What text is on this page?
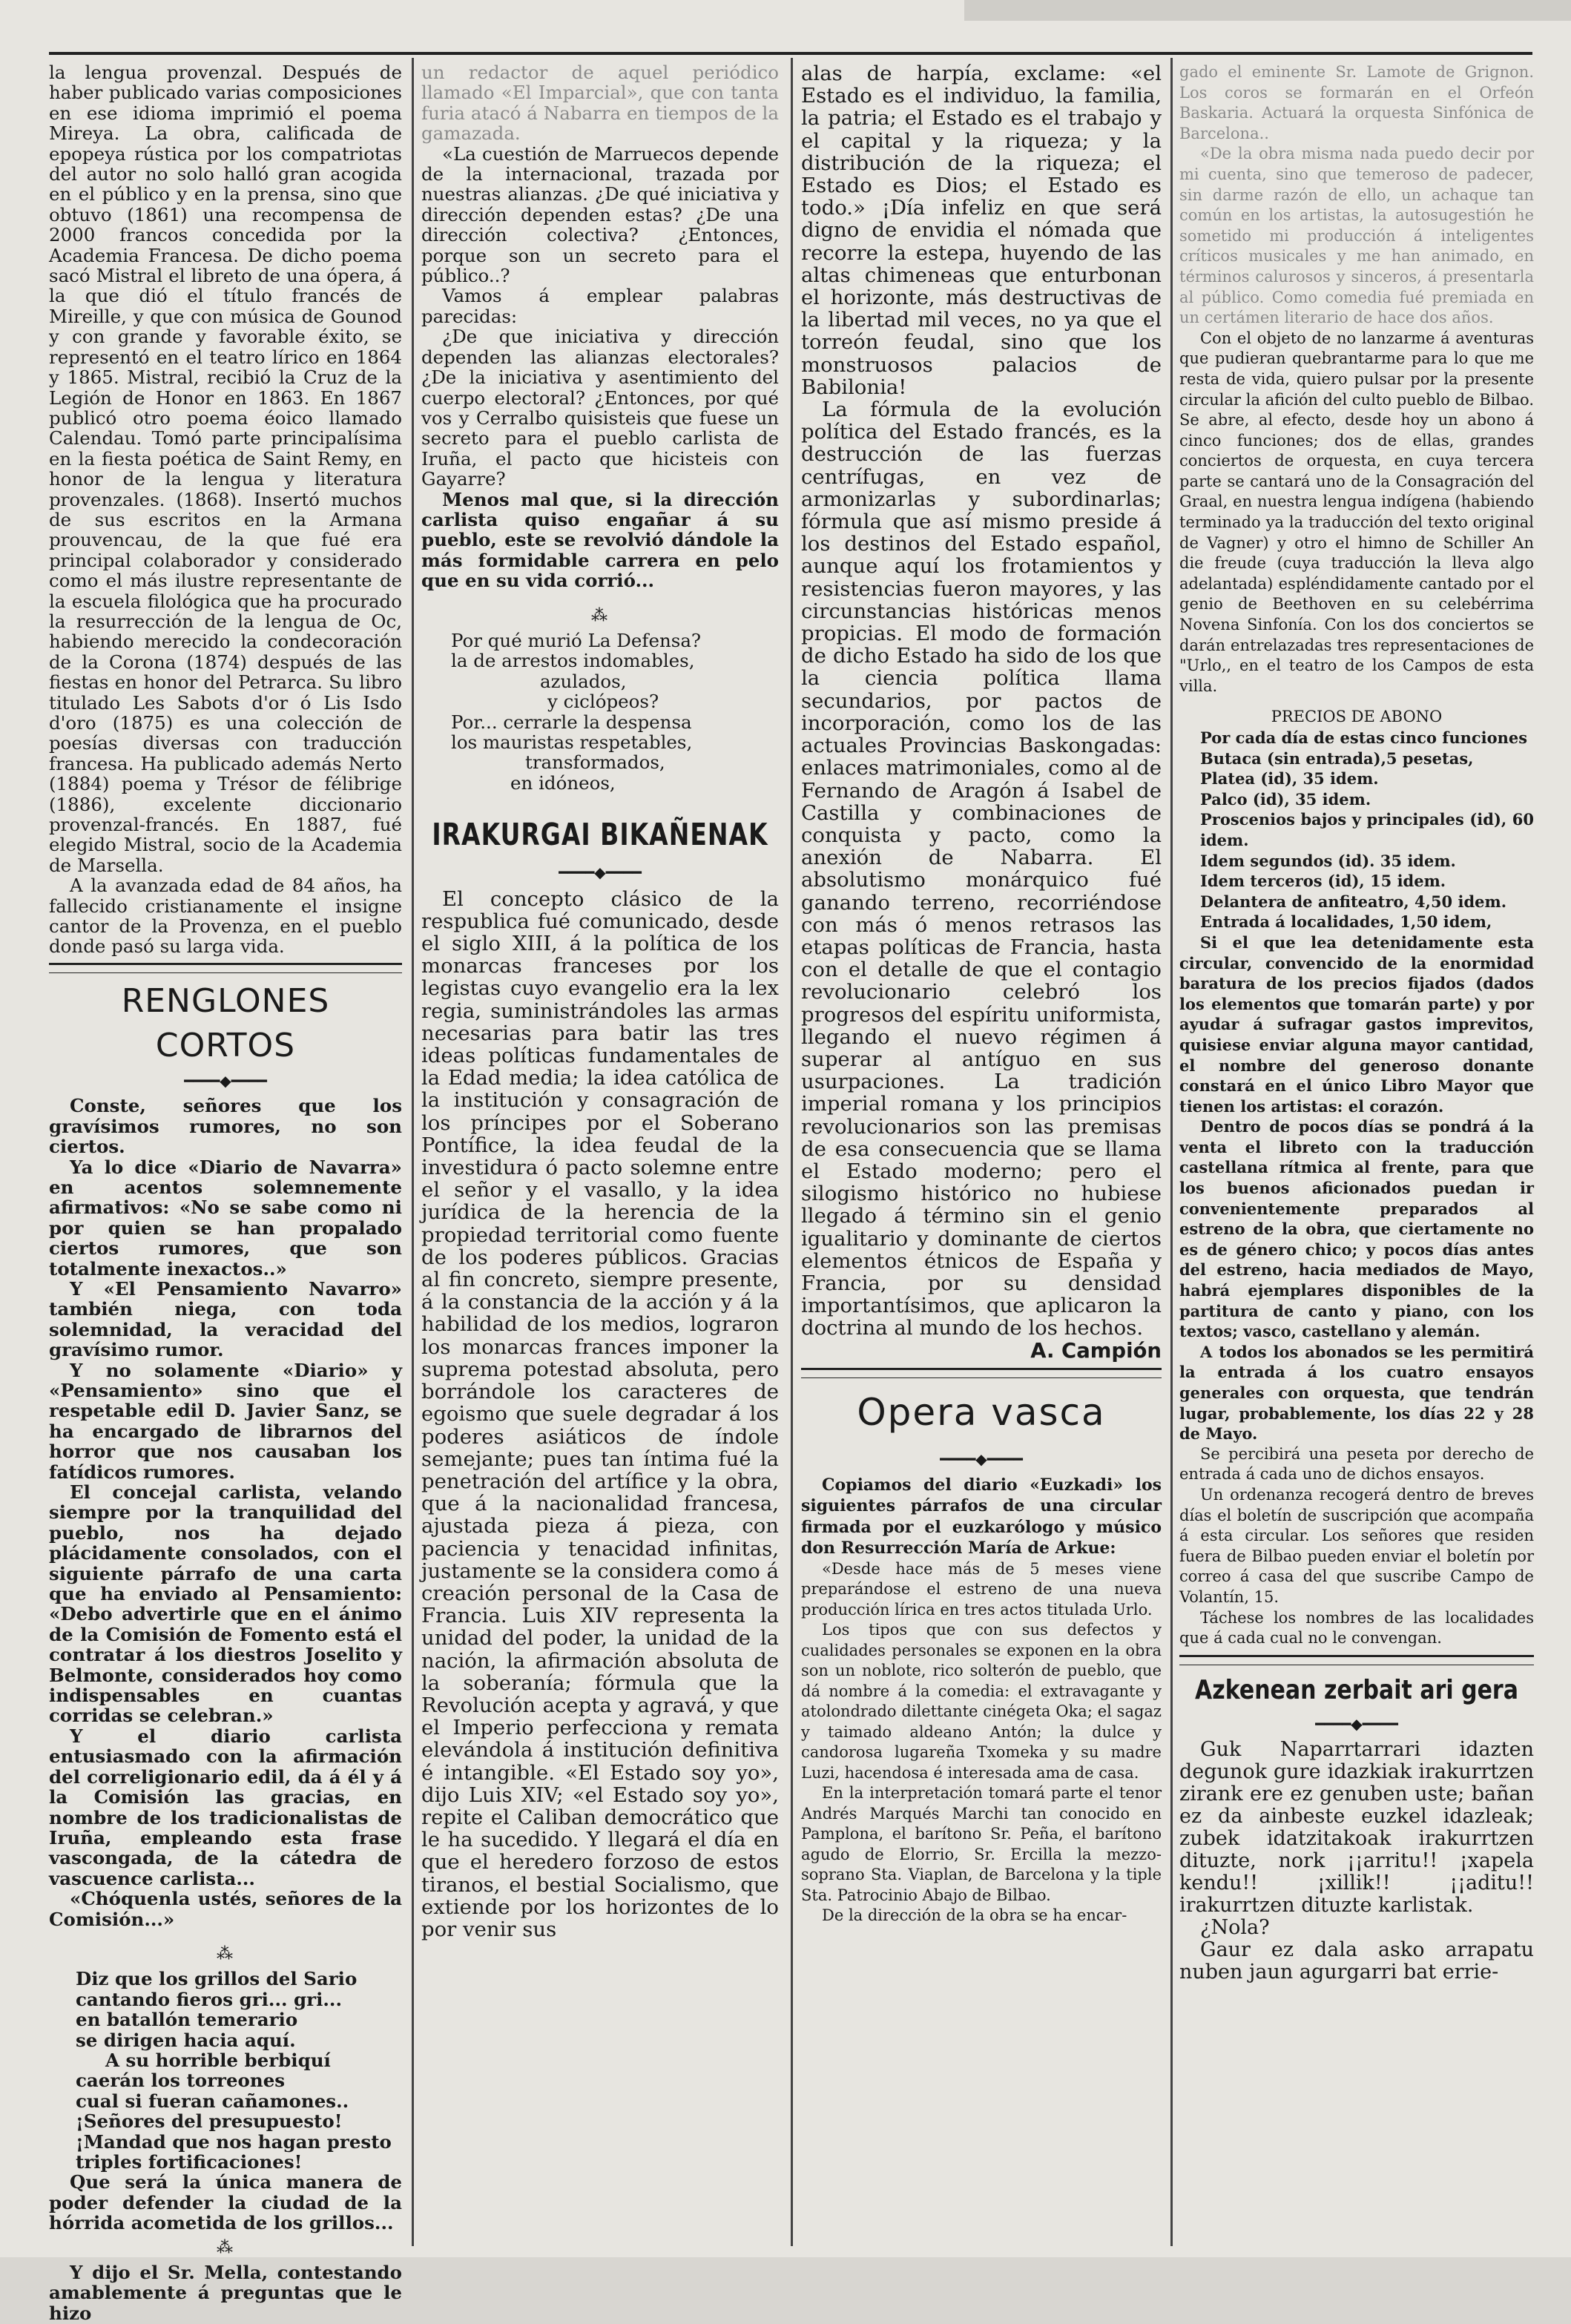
la lengua provenzal. Después de haber publicado varias composiciones en ese idioma imprimió el poema Mireya. La obra, calificada de epopeya rústica por los compatriotas del autor no solo halló gran acogida en el público y en la prensa, sino que obtuvo (1861) una recompensa de 2000 francos concedida por la Academia Francesa. De dicho poema sacó Mistral el libreto de una ópera, á la que dió el título francés de Mireille, y que con música de Gounod y con grande y favorable éxito, se representó en el teatro lírico en 1864 y 1865. Mistral, recibió la Cruz de la Legión de Honor en 1863. En 1867 publicó otro poema éoico llamado Calendau. Tomó parte principalísima en la fiesta poética de Saint Remy, en honor de la lengua y literatura provenzales. (1868). Insertó muchos de sus escritos en la Armana prouvencau, de la que fué era principal colaborador y considerado como el más ilustre representante de la escuela filológica que ha procurado la resurrección de la lengua de Oc, habiendo merecido la condecoración de la Corona (1874) después de las fiestas en honor del Petrarca. Su libro titulado Les Sabots d'or ó Lis Isdo d'oro (1875) es una colección de poesías diversas con traducción francesa. Ha publicado además Nerto (1884) poema y Trésor de félibrige (1886), excelente diccionario provenzal-francés. En 1887, fué elegido Mistral, socio de la Academia de Marsella.

A la avanzada edad de 84 años, ha fallecido cristianamente el insigne cantor de la Provenza, en el pueblo donde pasó su larga vida.

RENGLONES CORTOS
━━━━◆━━━━

Conste, señores que los gravísimos rumores, no son ciertos.

Ya lo dice «Diario de Navarra» en acentos solemnemente afirmativos: «No se sabe como ni por quien se han propalado ciertos rumores, que son totalmente inexactos..»

Y «El Pensamiento Navarro» también niega, con toda solemnidad, la veracidad del gravísimo rumor.

Y no solamente «Diario» y «Pensamiento» sino que el respetable edil D. Javier Sanz, se ha encargado de librarnos del horror que nos causaban los fatídicos rumores.

El concejal carlista, velando siempre por la tranquilidad del pueblo, nos ha dejado plácidamente consolados, con el siguiente párrafo de una carta que ha enviado al Pensamiento: «Debo advertirle que en el ánimo de la Comisión de Fomento está el contratar á los diestros Joselito y Belmonte, considerados hoy como indispensables en cuantas corridas se celebran.»

Y el diario carlista entusiasmado con la afirmación del correligionario edil, da á él y á la Comisión las gracias, en nombre de los tradicionalistas de Iruña, empleando esta frase vascongada, de la cátedra de vascuence carlista...

«Chóquenla ustés, señores de la Comisión...»

⁂

Diz que los grillos del Sario

cantando fieros gri... gri...

en batallón temerario

se dirigen hacia aquí.

A su horrible berbiquí

caerán los torreones

cual si fueran cañamones..

¡Señores del presupuesto!

¡Mandad que nos hagan presto

triples fortificaciones!

Que será la única manera de poder defender la ciudad de la hórrida acometida de los grillos...

⁂

Y dijo el Sr. Mella, contestando amablemente á preguntas que le hizo

un redactor de aquel periódico llamado «El Imparcial», que con tanta furia atacó á Nabarra en tiempos de la gamazada.

«La cuestión de Marruecos depende de la internacional, trazada por nuestras alianzas. ¿De qué iniciativa y dirección dependen estas? ¿De una dirección colectiva? ¿Entonces, porque son un secreto para el público..?

Vamos á emplear palabras parecidas:

¿De que iniciativa y dirección dependen las alianzas electorales? ¿De la iniciativa y asentimiento del cuerpo electoral? ¿Entonces, por qué vos y Cerralbo quisisteis que fuese un secreto para el pueblo carlista de Iruña, el pacto que hicisteis con Gayarre?

Menos mal que, si la dirección carlista quiso engañar á su pueblo, este se revolvió dándole la más formidable carrera en pelo que en su vida corrió...

⁂

Por qué murió La Defensa?

la de arrestos indomables,

azulados,

y ciclópeos?

Por... cerrarle la despensa

los mauristas respetables,

transformados,

en idóneos,

IRAKURGAI BIKAÑENAK
━━━━◆━━━━

El concepto clásico de la respublica fué comunicado, desde el siglo XIII, á la política de los monarcas franceses por los legistas cuyo evangelio era la lex regia, suministrándoles las armas necesarias para batir las tres ideas políticas fundamentales de la Edad media; la idea católica de la institución y consagración de los príncipes por el Soberano Pontífice, la idea feudal de la investidura ó pacto solemne entre el señor y el vasallo, y la idea jurídica de la herencia de la propiedad territorial como fuente de los poderes públicos. Gracias al fin concreto, siempre presente, á la constancia de la acción y á la habilidad de los medios, lograron los monarcas frances imponer la suprema potestad absoluta, pero borrándole los caracteres de egoismo que suele degradar á los poderes asiáticos de índole semejante; pues tan íntima fué la penetración del artífice y la obra, que á la nacionalidad francesa, ajustada pieza á pieza, con paciencia y tenacidad infinitas, justamente se la considera como á creación personal de la Casa de Francia. Luis XIV representa la unidad del poder, la unidad de la nación, la afirmación absoluta de la soberanía; fórmula que la Revolución acepta y agravá, y que el Imperio perfecciona y remata elevándola á institución definitiva é intangible. «El Estado soy yo», dijo Luis XIV; «el Estado soy yo», repite el Caliban democrático que le ha sucedido. Y llegará el día en que el heredero forzoso de estos tiranos, el bestial Socialismo, que extiende por los horizontes de lo por venir sus

alas de harpía, exclame: «el Estado es el individuo, la familia, la patria; el Estado es el trabajo y el capital y la riqueza; y la distribución de la riqueza; el Estado es Dios; el Estado es todo.» ¡Día infeliz en que será digno de envidia el nómada que recorre la estepa, huyendo de las altas chimeneas que enturbonan el horizonte, más destructivas de la libertad mil veces, no ya que el torreón feudal, sino que los monstruosos palacios de Babilonia!

La fórmula de la evolución política del Estado francés, es la destrucción de las fuerzas centrífugas, en vez de armonizarlas y subordinarlas; fórmula que así mismo preside á los destinos del Estado español, aunque aquí los frotamientos y resistencias fueron mayores, y las circunstancias históricas menos propicias. El modo de formación de dicho Estado ha sido de los que la ciencia política llama secundarios, por pactos de incorporación, como los de las actuales Provincias Baskongadas: enlaces matrimoniales, como al de Fernando de Aragón á Isabel de Castilla y combinaciones de conquista y pacto, como la anexión de Nabarra. El absolutismo monárquico fué ganando terreno, recorriéndose con más ó menos retrasos las etapas políticas de Francia, hasta con el detalle de que el contagio revolucionario celebró los progresos del espíritu uniformista, llegando el nuevo régimen á superar al antíguo en sus usurpaciones. La tradición imperial romana y los principios revolucionarios son las premisas de esa consecuencia que se llama el Estado moderno; pero el silogismo histórico no hubiese llegado á término sin el genio igualitario y dominante de ciertos elementos étnicos de España y Francia, por su densidad importantísimos, que aplicaron la doctrina al mundo de los hechos.

A. Campión
Opera vasca
━━━━◆━━━━

Copiamos del diario «Euzkadi» los siguientes párrafos de una circular firmada por el euzkarólogo y músico don Resurrección María de Arkue:

«Desde hace más de 5 meses viene preparándose el estreno de una nueva producción lírica en tres actos titulada Urlo.

Los tipos que con sus defectos y cualidades personales se exponen en la obra son un noblote, rico solterón de pueblo, que dá nombre á la comedia: el extravagante y atolondrado dilettante cinégeta Oka; el sagaz y taimado aldeano Antón; la dulce y candorosa lugareña Txomeka y su madre Luzi, hacendosa é interesada ama de casa.

En la interpretación tomará parte el tenor Andrés Marqués Marchi tan conocido en Pamplona, el barítono Sr. Peña, el barítono agudo de Elorrio, Sr. Ercilla la mezzo-soprano Sta. Viaplan, de Barcelona y la tiple Sta. Patrocinio Abajo de Bilbao.

De la dirección de la obra se ha encar-

gado el eminente Sr. Lamote de Grignon. Los coros se formarán en el Orfeón Baskaria. Actuará la orquesta Sinfónica de Barcelona..

«De la obra misma nada puedo decir por mi cuenta, sino que temeroso de padecer, sin darme razón de ello, un achaque tan común en los artistas, la autosugestión he sometido mi producción á inteligentes críticos musicales y me han animado, en términos calurosos y sinceros, á presentarla al público. Como comedia fué premiada en un certámen literario de hace dos años.

Con el objeto de no lanzarme á aventuras que pudieran quebrantarme para lo que me resta de vida, quiero pulsar por la presente circular la afición del culto pueblo de Bilbao. Se abre, al efecto, desde hoy un abono á cinco funciones; dos de ellas, grandes conciertos de orquesta, en cuya tercera parte se cantará uno de la Consagración del Graal, en nuestra lengua indígena (habiendo terminado ya la traducción del texto original de Vagner) y otro el himno de Schiller An die freude (cuya traducción la lleva algo adelantada) espléndidamente cantado por el genio de Beethoven en su celebérrima Novena Sinfonía. Con los dos conciertos se darán entrelazadas tres representaciones de "Urlo,, en el teatro de los Campos de esta villa.

PRECIOS DE ABONO

Por cada día de estas cinco funciones

Butaca (sin entrada),5 pesetas,

Platea (id), 35 idem.

Palco (id), 35 idem.

Proscenios bajos y principales (id), 60 idem.

Idem segundos (id). 35 idem.

Idem terceros (id), 15 idem.

Delantera de anfiteatro, 4,50 idem.

Entrada á localidades, 1,50 idem,

Si el que lea detenidamente esta circular, convencido de la enormidad baratura de los precios fijados (dados los elementos que tomarán parte) y por ayudar á sufragar gastos imprevitos, quisiese enviar alguna mayor cantidad, el nombre del generoso donante constará en el único Libro Mayor que tienen los artistas: el corazón.

Dentro de pocos días se pondrá á la venta el libreto con la traducción castellana rítmica al frente, para que los buenos aficionados puedan ir convenientemente preparados al estreno de la obra, que ciertamente no es de género chico; y pocos días antes del estreno, hacia mediados de Mayo, habrá ejemplares disponibles de la partitura de canto y piano, con los textos; vasco, castellano y alemán.

A todos los abonados se les permitirá la entrada á los cuatro ensayos generales con orquesta, que tendrán lugar, probablemente, los días 22 y 28 de Mayo.

Se percibirá una peseta por derecho de entrada á cada uno de dichos ensayos.

Un ordenanza recogerá dentro de breves días el boletín de suscripción que acompaña á esta circular. Los señores que residen fuera de Bilbao pueden enviar el boletín por correo á casa del que suscribe Campo de Volantín, 15.

Táchese los nombres de las localidades que á cada cual no le convengan.

Azkenean zerbait ari gera
━━━━◆━━━━

Guk Naparrtarrari idazten degunok gure idazkiak irakurrtzen zirank ere ez genuben uste; bañan ez da ainbeste euzkel idazleak; zubek idatzitakoak irakurrtzen dituzte, nork ¡¡arritu!! ¡xapela kendu!! ¡xillik!! ¡¡aditu!! irakurrtzen dituzte karlistak.

¿Nola?

Gaur ez dala asko arrapatu nuben jaun agurgarri bat errie-
